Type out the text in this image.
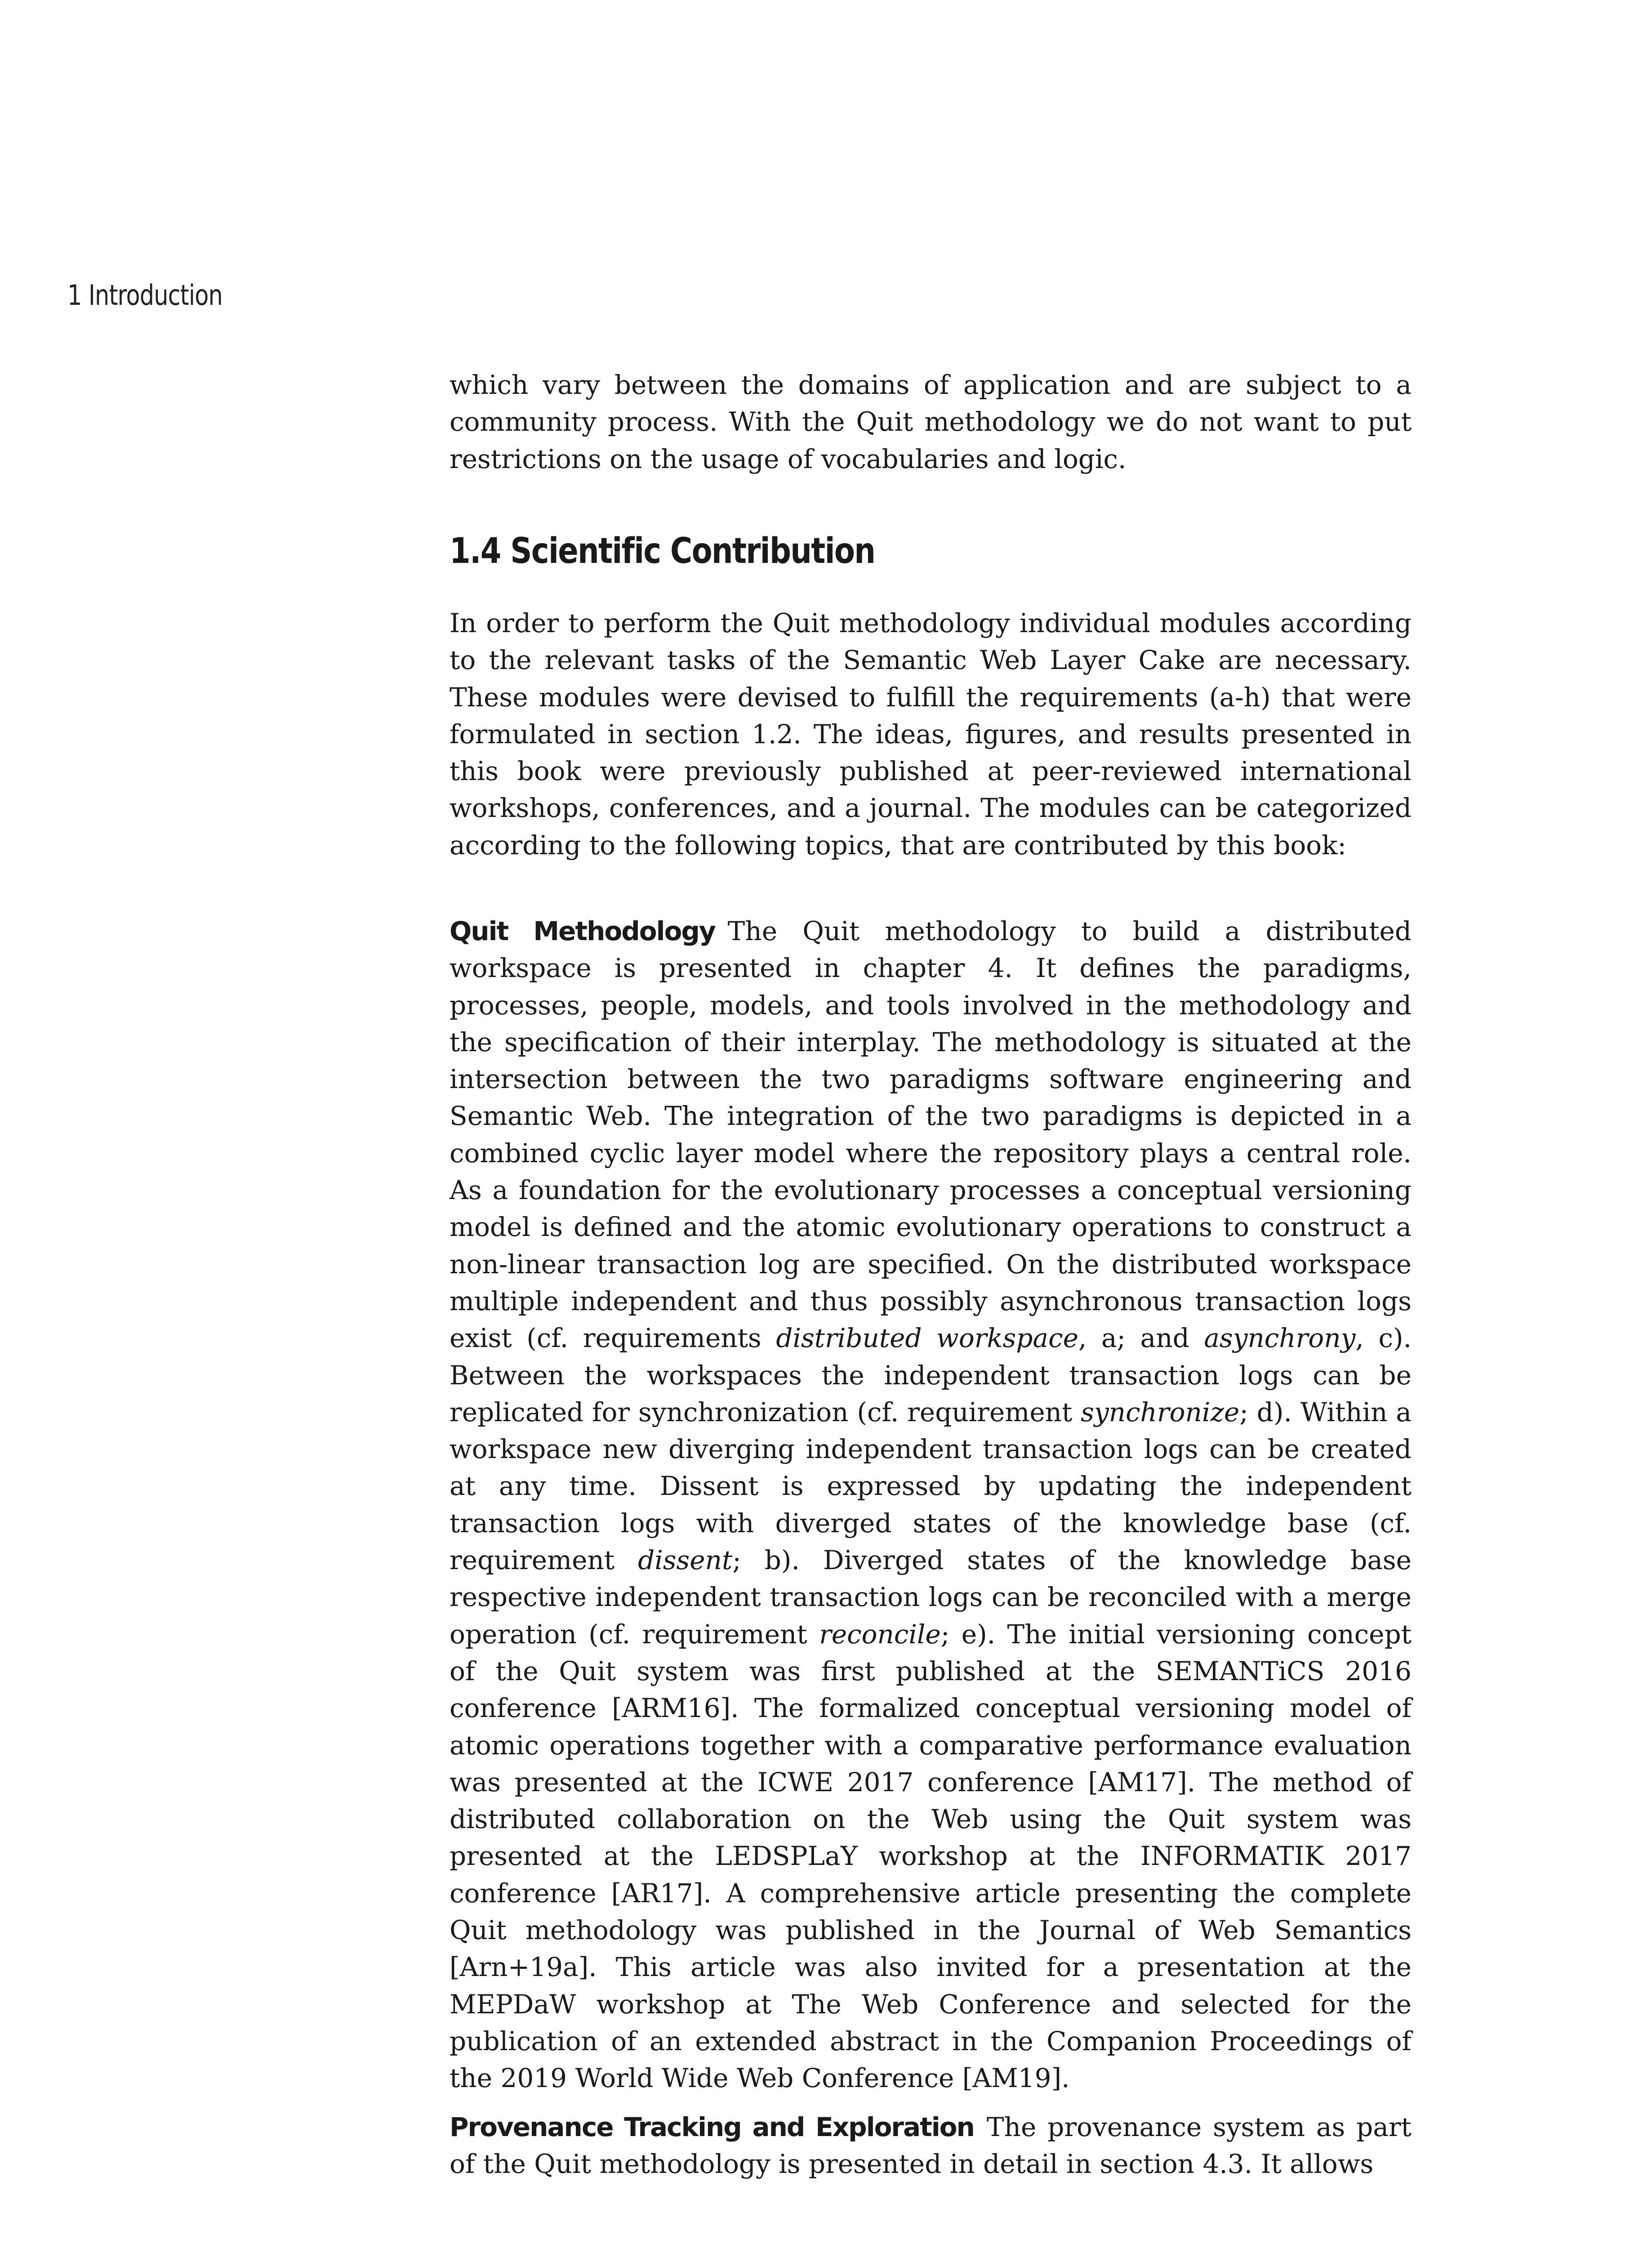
1 Introduction

which vary between the domains of application and are subject to a community process. With the Quit methodology we do not want to put restrictions on the usage of vocabularies and logic.

1.4 Scientific Contribution

In order to perform the Quit methodology individual modules according to the relevant tasks of the Semantic Web Layer Cake are necessary. These modules were devised to fulfill the requirements (a-h) that were formulated in section 1.2. The ideas, figures, and results presented in this book were previously published at peer-reviewed international workshops, conferences, and a journal. The modules can be categorized according to the following topics, that are contributed by this book:

Quit Methodology The Quit methodology to build a distributed workspace is presented in chapter 4. It defines the paradigms, processes, people, models, and tools involved in the methodology and the specification of their interplay. The methodology is situated at the intersection between the two paradigms software engineering and Semantic Web. The integration of the two paradigms is depicted in a combined cyclic layer model where the repository plays a central role. As a foundation for the evolutionary processes a conceptual versioning model is defined and the atomic evolutionary operations to construct a non-linear transaction log are specified. On the distributed workspace multiple independent and thus possibly asynchronous transaction logs exist (cf. requirements distributed workspace, a; and asynchrony, c). Between the workspaces the independent transaction logs can be replicated for synchronization (cf. requirement synchronize; d). Within a workspace new diverging independent transaction logs can be created at any time. Dissent is expressed by updating the independent transaction logs with diverged states of the knowledge base (cf. requirement dissent; b). Diverged states of the knowledge base respective independent transaction logs can be reconciled with a merge operation (cf. requirement reconcile; e). The initial versioning concept of the Quit system was first published at the SEMANTiCS 2016 conference [ARM16]. The formalized conceptual versioning model of atomic operations together with a comparative performance evaluation was presented at the ICWE 2017 conference [AM17]. The method of distributed collaboration on the Web using the Quit system was presented at the LEDSPLaY workshop at the INFORMATIK 2017 conference [AR17]. A comprehensive article presenting the complete Quit methodology was published in the Journal of Web Semantics [Arn+19a]. This article was also invited for a presentation at the MEPDaW workshop at The Web Conference and selected for the publication of an extended abstract in the Companion Proceedings of the 2019 World Wide Web Conference [AM19].

Provenance Tracking and Exploration The provenance system as part of the Quit methodology is presented in detail in section 4.3. It allows
